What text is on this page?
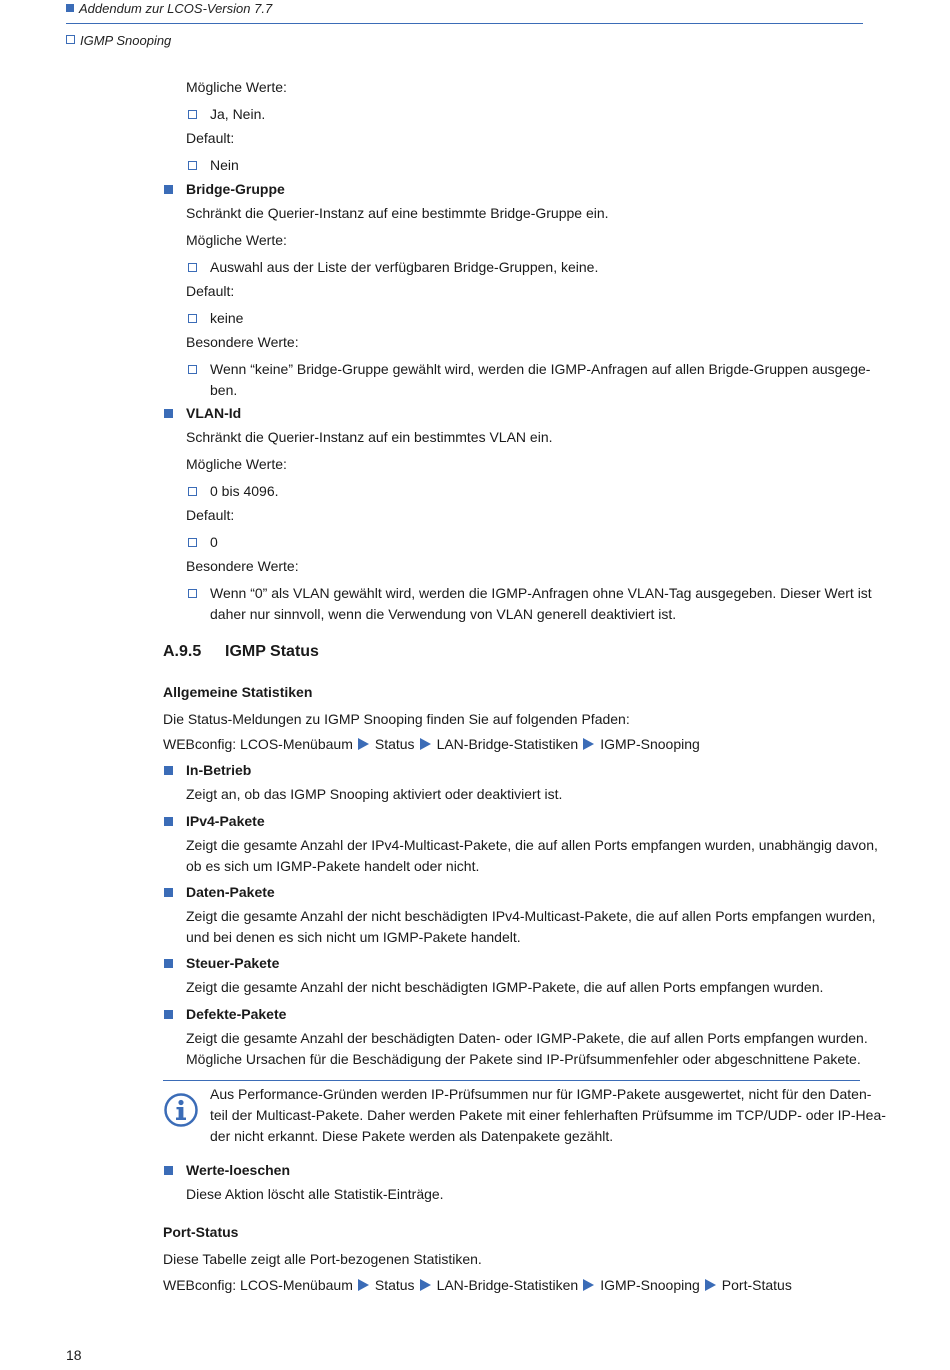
Addendum zur LCOS-Version 7.7
IGMP Snooping
Mögliche Werte:
Ja, Nein.
Default:
Nein
Bridge-Gruppe
Schränkt die Querier-Instanz auf eine bestimmte Bridge-Gruppe ein.
Mögliche Werte:
Auswahl aus der Liste der verfügbaren Bridge-Gruppen, keine.
Default:
keine
Besondere Werte:
Wenn “keine” Bridge-Gruppe gewählt wird, werden die IGMP-Anfragen auf allen Brigde-Gruppen ausgege-
ben.
VLAN-Id
Schränkt die Querier-Instanz auf ein bestimmtes VLAN ein.
Mögliche Werte:
0 bis 4096.
Default:
0
Besondere Werte:
Wenn “0” als VLAN gewählt wird, werden die IGMP-Anfragen ohne VLAN-Tag ausgegeben. Dieser Wert ist
daher nur sinnvoll, wenn die Verwendung von VLAN generell deaktiviert ist.
A.9.5 IGMP Status
Allgemeine Statistiken
Die Status-Meldungen zu IGMP Snooping finden Sie auf folgenden Pfaden:
WEBconfig: LCOS-Menübaum Status LAN-Bridge-Statistiken IGMP-Snooping
In-Betrieb
Zeigt an, ob das IGMP Snooping aktiviert oder deaktiviert ist.
IPv4-Pakete
Zeigt die gesamte Anzahl der IPv4-Multicast-Pakete, die auf allen Ports empfangen wurden, unabhängig davon,
ob es sich um IGMP-Pakete handelt oder nicht.
Daten-Pakete
Zeigt die gesamte Anzahl der nicht beschädigten IPv4-Multicast-Pakete, die auf allen Ports empfangen wurden,
und bei denen es sich nicht um IGMP-Pakete handelt.
Steuer-Pakete
Zeigt die gesamte Anzahl der nicht beschädigten IGMP-Pakete, die auf allen Ports empfangen wurden.
Defekte-Pakete
Zeigt die gesamte Anzahl der beschädigten Daten- oder IGMP-Pakete, die auf allen Ports empfangen wurden.
Mögliche Ursachen für die Beschädigung der Pakete sind IP-Prüfsummenfehler oder abgeschnittene Pakete.
Aus Performance-Gründen werden IP-Prüfsummen nur für IGMP-Pakete ausgewertet, nicht für den Daten-
teil der Multicast-Pakete. Daher werden Pakete mit einer fehlerhaften Prüfsumme im TCP/UDP- oder IP-Hea-
der nicht erkannt. Diese Pakete werden als Datenpakete gezählt.
Werte-loeschen
Diese Aktion löscht alle Statistik-Einträge.
Port-Status
Diese Tabelle zeigt alle Port-bezogenen Statistiken.
WEBconfig: LCOS-Menübaum Status LAN-Bridge-Statistiken IGMP-Snooping Port-Status
18
